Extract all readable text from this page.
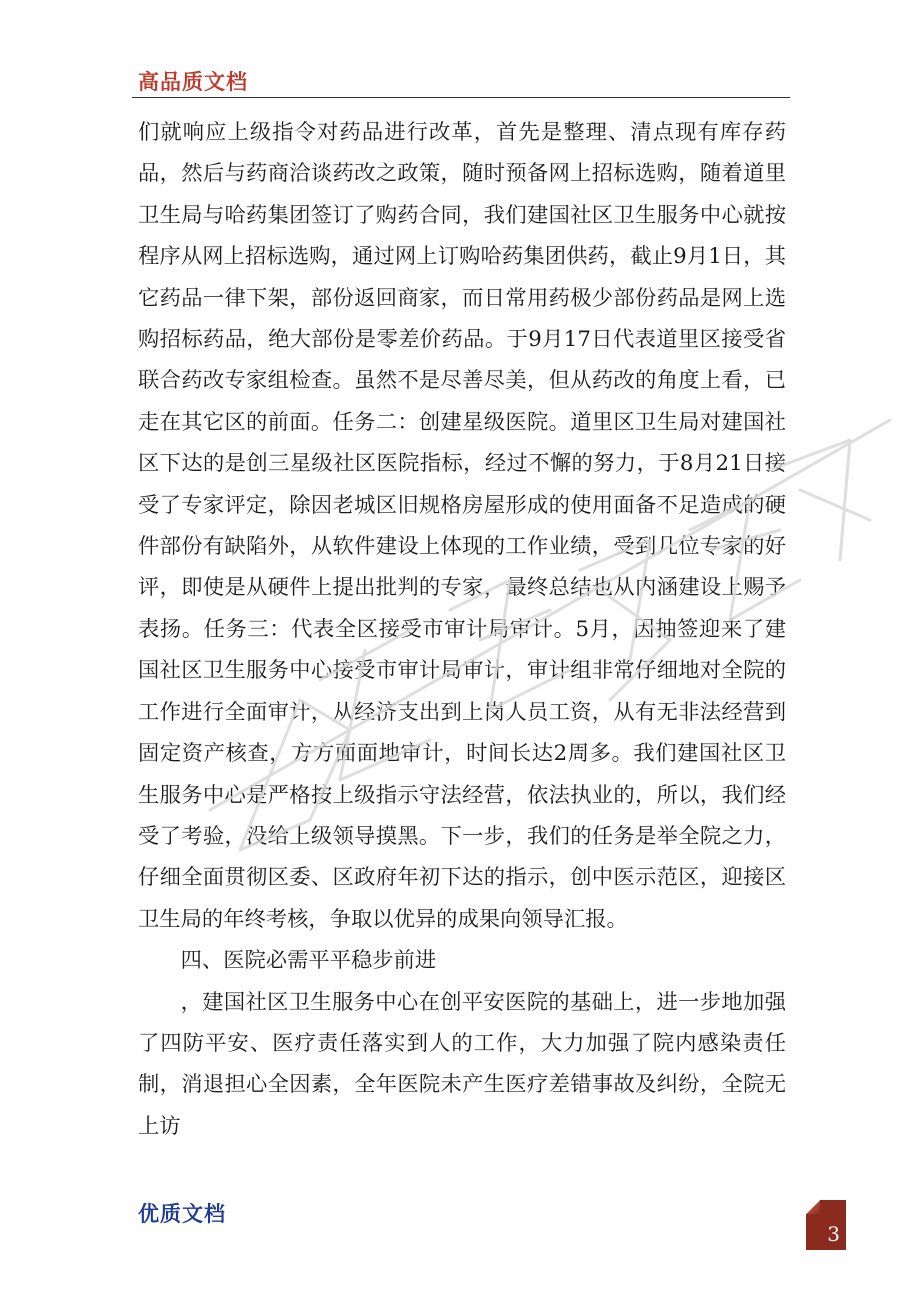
高品质文档

们就响应上级指令对药品进行改革，首先是整理、清点现有库存药品，然后与药商洽谈药改之政策，随时预备网上招标选购，随着道里卫生局与哈药集团签订了购药合同，我们建国社区卫生服务中心就按程序从网上招标选购，通过网上订购哈药集团供药，截止9月1日，其它药品一律下架，部份返回商家，而日常用药极少部份药品是网上选购招标药品，绝大部份是零差价药品。于9月17日代表道里区接受省联合药改专家组检查。虽然不是尽善尽美，但从药改的角度上看，已走在其它区的前面。任务二：创建星级医院。道里区卫生局对建国社区下达的是创三星级社区医院指标，经过不懈的努力，于8月21日接受了专家评定，除因老城区旧规格房屋形成的使用面备不足造成的硬件部份有缺陷外，从软件建设上体现的工作业绩，受到几位专家的好评，即使是从硬件上提出批判的专家，最终总结也从内涵建设上赐予表扬。任务三：代表全区接受市审计局审计。5月，因抽签迎来了建国社区卫生服务中心接受市审计局审计，审计组非常仔细地对全院的工作进行全面审计，从经济支出到上岗人员工资，从有无非法经营到固定资产核查，方方面面地审计，时间长达2周多。我们建国社区卫生服务中心是严格按上级指示守法经营，依法执业的，所以，我们经受了考验，没给上级领导摸黑。下一步，我们的任务是举全院之力，仔细全面贯彻区委、区政府年初下达的指示，创中医示范区，迎接区卫生局的年终考核，争取以优异的成果向领导汇报。

四、医院必需平平稳步前进

，建国社区卫生服务中心在创平安医院的基础上，进一步地加强了四防平安、医疗责任落实到人的工作，大力加强了院内感染责任制，消退担心全因素，全年医院未产生医疗差错事故及纠纷，全院无上访

优质文档
3
